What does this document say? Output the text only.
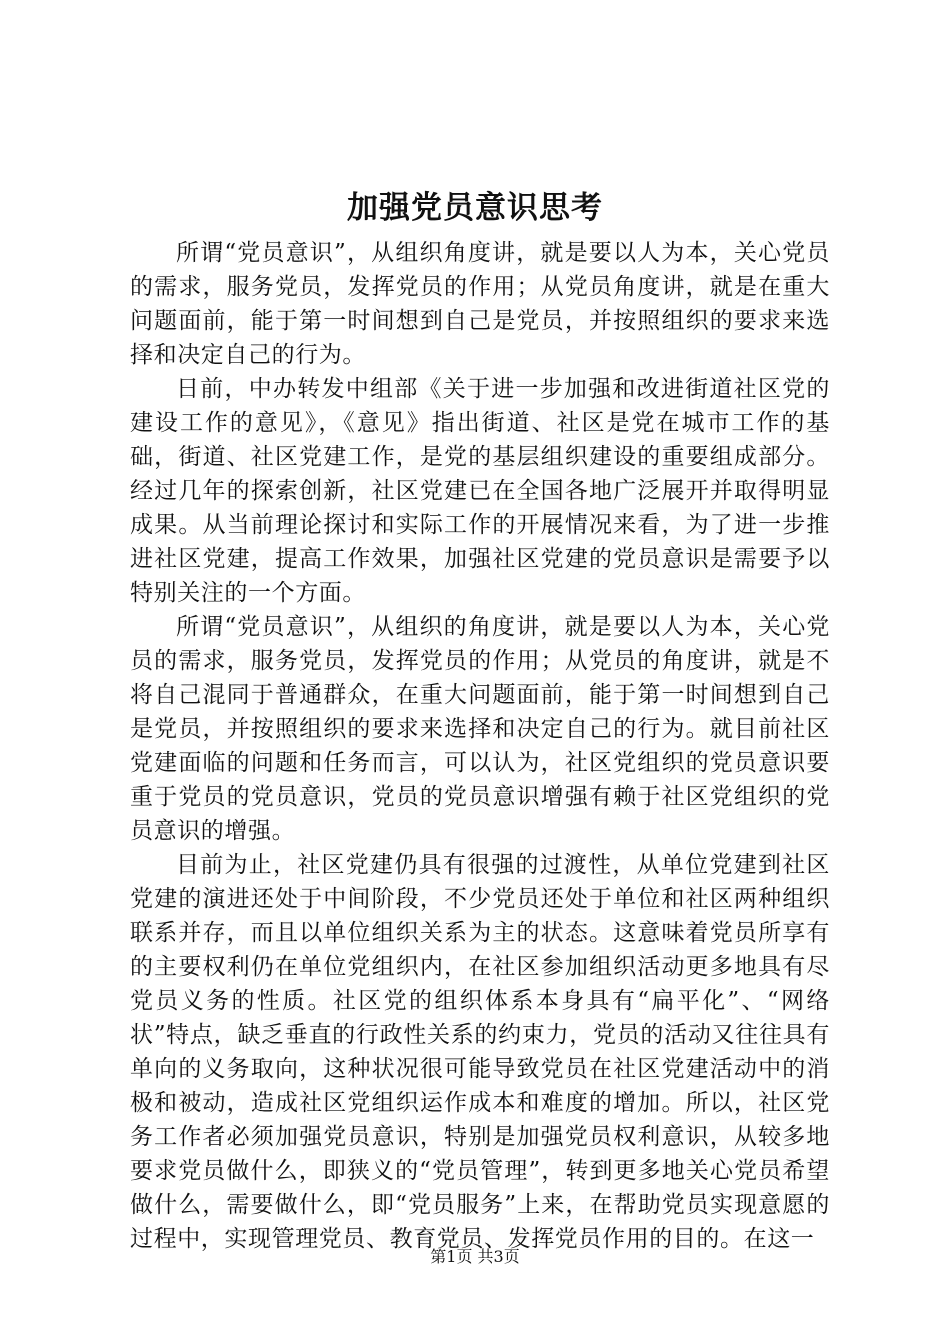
加强党员意识思考

所谓“党员意识”，从组织角度讲，就是要以人为本，关心党员的需求，服务党员，发挥党员的作用；从党员角度讲，就是在重大问题面前，能于第一时间想到自己是党员，并按照组织的要求来选择和决定自己的行为。

日前，中办转发中组部《关于进一步加强和改进街道社区党的建设工作的意见》，《意见》指出街道、社区是党在城市工作的基础，街道、社区党建工作，是党的基层组织建设的重要组成部分。经过几年的探索创新，社区党建已在全国各地广泛展开并取得明显成果。从当前理论探讨和实际工作的开展情况来看，为了进一步推进社区党建，提高工作效果，加强社区党建的党员意识是需要予以特别关注的一个方面。

所谓“党员意识”，从组织的角度讲，就是要以人为本，关心党员的需求，服务党员，发挥党员的作用；从党员的角度讲，就是不将自己混同于普通群众，在重大问题面前，能于第一时间想到自己是党员，并按照组织的要求来选择和决定自己的行为。就目前社区党建面临的问题和任务而言，可以认为，社区党组织的党员意识要重于党员的党员意识，党员的党员意识增强有赖于社区党组织的党员意识的增强。

目前为止，社区党建仍具有很强的过渡性，从单位党建到社区党建的演进还处于中间阶段，不少党员还处于单位和社区两种组织联系并存，而且以单位组织关系为主的状态。这意味着党员所享有的主要权利仍在单位党组织内，在社区参加组织活动更多地具有尽党员义务的性质。社区党的组织体系本身具有“扁平化”、“网络状”特点，缺乏垂直的行政性关系的约束力，党员的活动又往往具有单向的义务取向，这种状况很可能导致党员在社区党建活动中的消极和被动，造成社区党组织运作成本和难度的增加。所以，社区党务工作者必须加强党员意识，特别是加强党员权利意识，从较多地要求党员做什么，即狭义的“党员管理”，转到更多地关心党员希望做什么，需要做什么，即“党员服务”上来，在帮助党员实现意愿的过程中，实现管理党员、教育党员、发挥党员作用的目的。在这一

第1页 共3页
